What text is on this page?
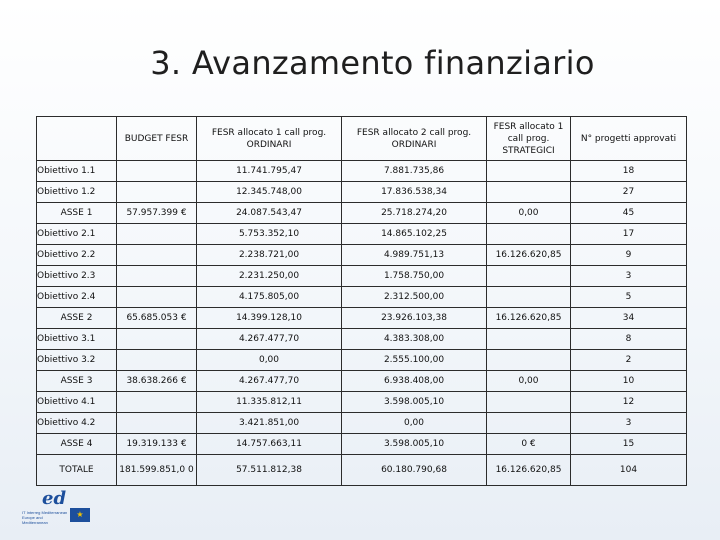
3. Avanzamento finanziario
	BUDGET FESR	FESR allocato 1 call prog. ORDINARI	FESR allocato 2 call prog. ORDINARI	FESR allocato 1 call prog. STRATEGICI	N° progetti approvati
Obiettivo 1.1		11.741.795,47	7.881.735,86		18
Obiettivo 1.2		12.345.748,00	17.836.538,34		27
ASSE 1	57.957.399 €	24.087.543,47	25.718.274,20	0,00	45
Obiettivo 2.1		5.753.352,10	14.865.102,25		17
Obiettivo 2.2		2.238.721,00	4.989.751,13	16.126.620,85	9
Obiettivo 2.3		2.231.250,00	1.758.750,00		3
Obiettivo 2.4		4.175.805,00	2.312.500,00		5
ASSE 2	65.685.053 €	14.399.128,10	23.926.103,38	16.126.620,85	34
Obiettivo 3.1		4.267.477,70	4.383.308,00		8
Obiettivo 3.2		0,00	2.555.100,00		2
ASSE 3	38.638.266 €	4.267.477,70	6.938.408,00	0,00	10
Obiettivo 4.1		11.335.812,11	3.598.005,10		12
Obiettivo 4.2		3.421.851,00	0,00		3
ASSE 4	19.319.133 €	14.757.663,11	3.598.005,10	0 €	15
TOTALE	181.599.851,0 0	57.511.812,38	60.180.790,68	16.126.620,85	104
ed
IT Interreg Mediterranean Europe and Mediterranean
★
